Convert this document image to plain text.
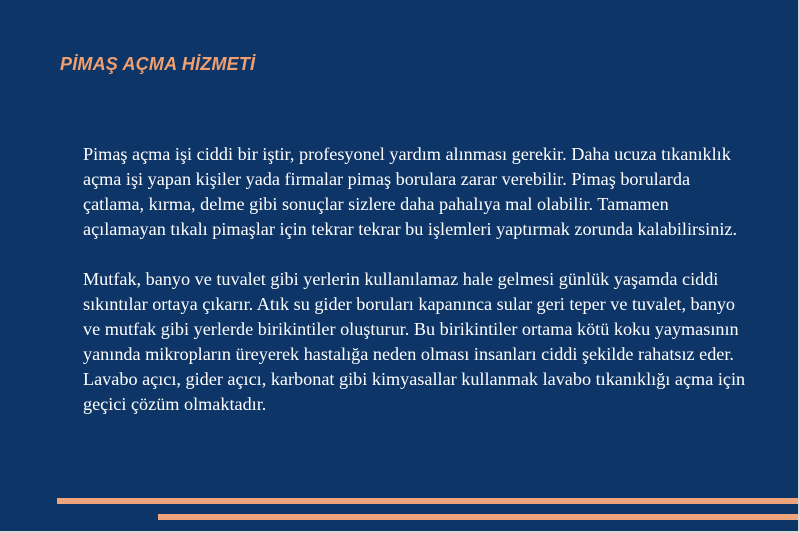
PİMAŞ AÇMA HİZMETİ

Pimaş açma işi ciddi bir iştir, profesyonel yardım alınması gerekir. Daha ucuza tıkanıklık açma işi yapan kişiler yada firmalar pimaş borulara zarar verebilir. Pimaş borularda çatlama, kırma, delme gibi sonuçlar sizlere daha pahalıya mal olabilir. Tamamen açılamayan tıkalı pimaşlar için tekrar tekrar bu işlemleri yaptırmak zorunda kalabilirsiniz.

Mutfak, banyo ve tuvalet gibi yerlerin kullanılamaz hale gelmesi günlük yaşamda ciddi sıkıntılar ortaya çıkarır. Atık su gider boruları kapanınca sular geri teper ve tuvalet, banyo ve mutfak gibi yerlerde birikintiler oluşturur. Bu birikintiler ortama kötü koku yaymasının yanında mikropların üreyerek hastalığa neden olması insanları ciddi şekilde rahatsız eder. Lavabo açıcı, gider açıcı, karbonat gibi kimyasallar kullanmak lavabo tıkanıklığı açma için geçici çözüm olmaktadır.
